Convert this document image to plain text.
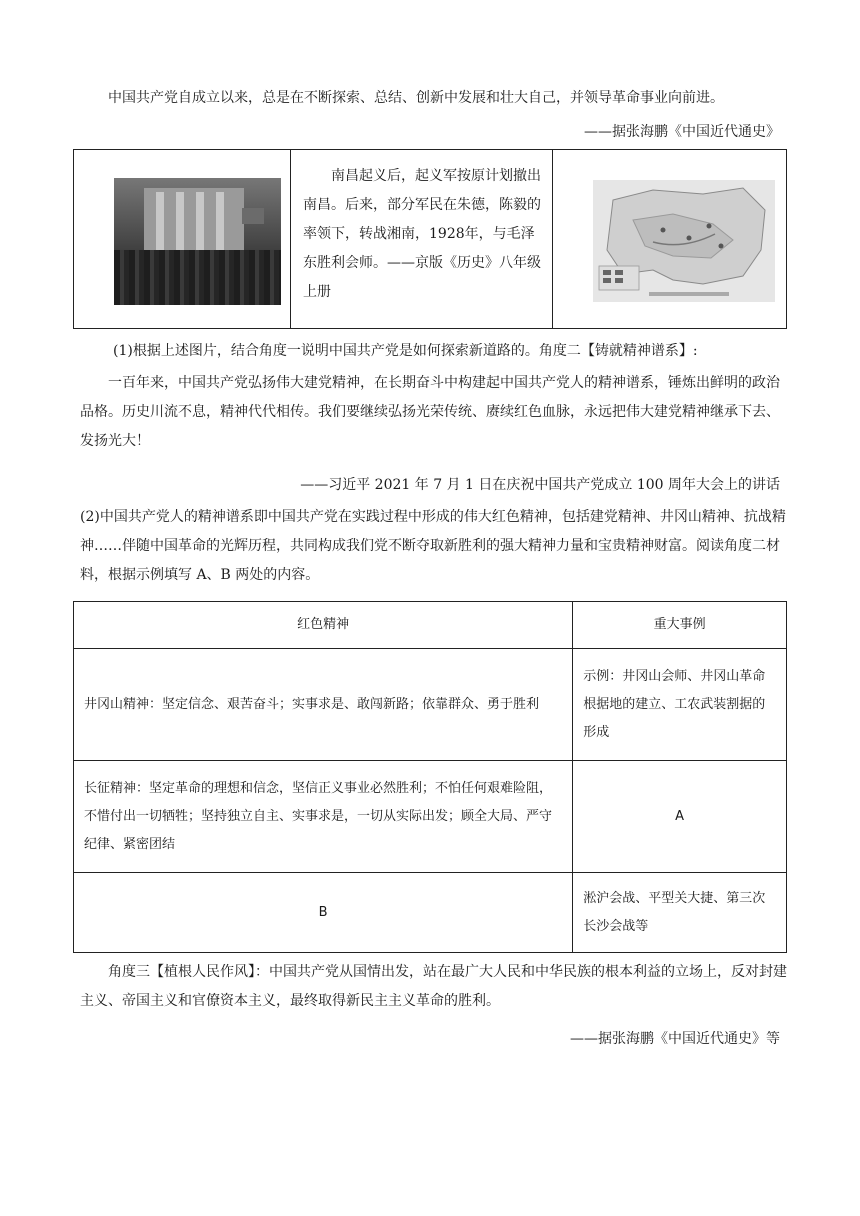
中国共产党自成立以来，总是在不断探索、总结、创新中发展和壮大自己，并领导革命事业向前进。
——据张海鹏《中国近代通史》
南昌起义后，起义军按原计划撤出南昌。后来，部分军民在朱德，陈毅的率领下，转战湘南，1928年，与毛泽东胜利会师。——京版《历史》八年级上册
(1)根据上述图片，结合角度一说明中国共产党是如何探索新道路的。角度二【铸就精神谱系】:
一百年来，中国共产党弘扬伟大建党精神，在长期奋斗中构建起中国共产党人的精神谱系，锤炼出鲜明的政治品格。历史川流不息，精神代代相传。我们要继续弘扬光荣传统、赓续红色血脉，永远把伟大建党精神继承下去、发扬光大！
——习近平 2021 年 7 月 1 日在庆祝中国共产党成立 100 周年大会上的讲话
(2)中国共产党人的精神谱系即中国共产党在实践过程中形成的伟大红色精神，包括建党精神、井冈山精神、抗战精神……伴随中国革命的光辉历程，共同构成我们党不断夺取新胜利的强大精神力量和宝贵精神财富。阅读角度二材料，根据示例填写 A、B 两处的内容。
红色精神	重大事例
井冈山精神：坚定信念、艰苦奋斗；实事求是、敢闯新路；依靠群众、勇于胜利	示例：井冈山会师、井冈山革命根据地的建立、工农武装割据的形成
长征精神：坚定革命的理想和信念，坚信正义事业必然胜利；不怕任何艰难险阻，不惜付出一切牺牲；坚持独立自主、实事求是，一切从实际出发；顾全大局、严守纪律、紧密团结	A
B	淞沪会战、平型关大捷、第三次长沙会战等
角度三【植根人民作风】：中国共产党从国情出发，站在最广大人民和中华民族的根本利益的立场上，反对封建主义、帝国主义和官僚资本主义，最终取得新民主主义革命的胜利。
——据张海鹏《中国近代通史》等
